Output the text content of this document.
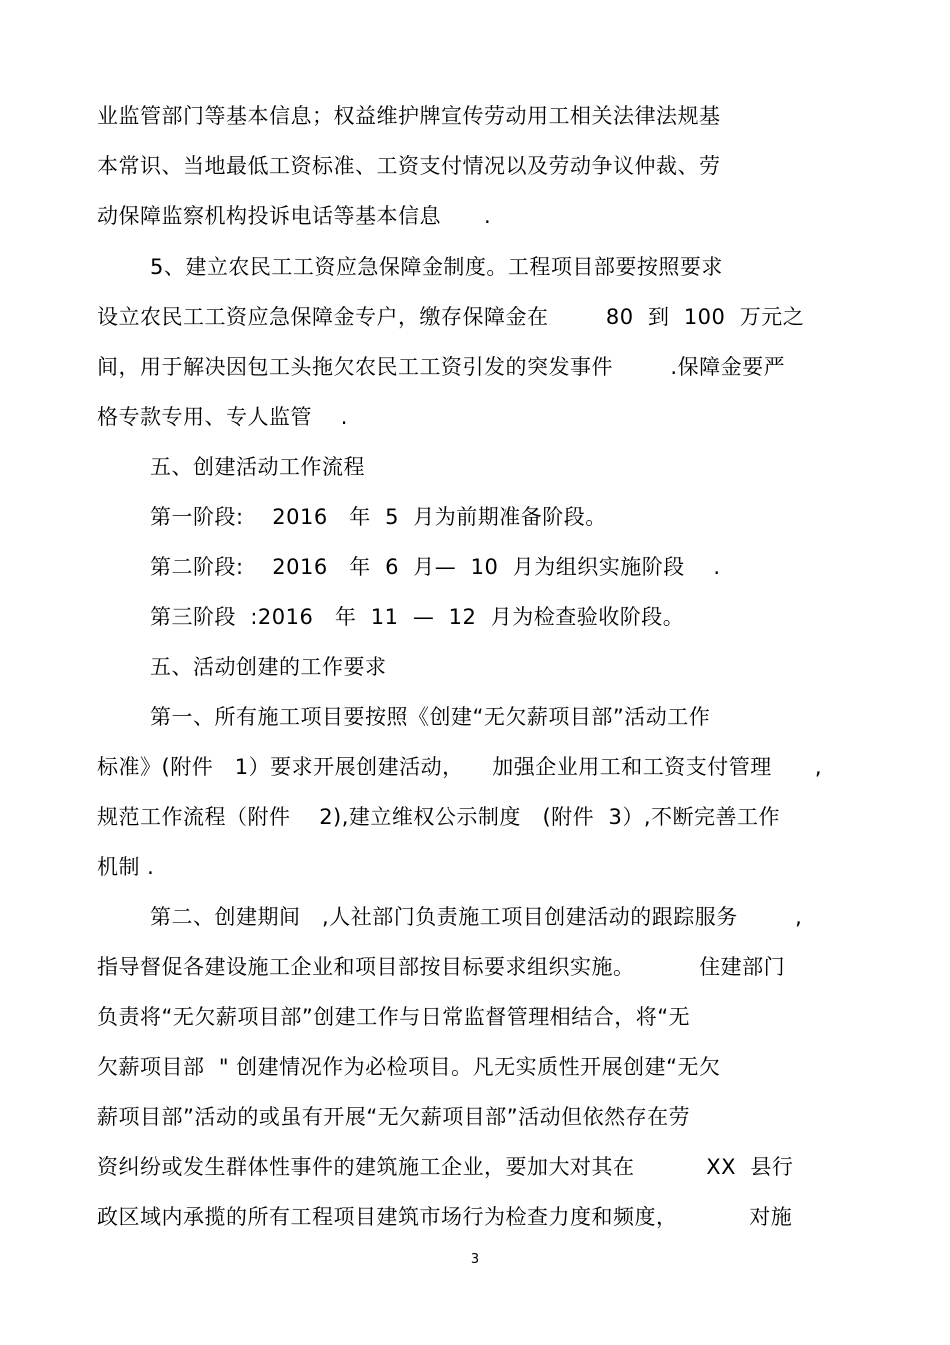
业监管部门等基本信息；权益维护牌宣传劳动用工相关法律法规基
本常识、当地最低工资标准、工资支付情况以及劳动争议仲裁、劳
动保障监察机构投诉电话等基本信息      .
5、建立农民工工资应急保障金制度。工程项目部要按照要求
设立农民工工资应急保障金专户，缴存保障金在        80  到  100  万元之
间，用于解决因包工头拖欠农民工工资引发的突发事件        .保障金要严
格专款专用、专人监管    .
五、创建活动工作流程
第一阶段:    2016   年  5  月为前期准备阶段。
第二阶段:    2016   年  6  月—  10  月为组织实施阶段    .
第三阶段  :2016   年  11  —  12  月为检查验收阶段。
五、活动创建的工作要求
第一、所有施工项目要按照《创建“无欠薪项目部”活动工作
标准》(附件   1）要求开展创建活动，    加强企业用工和工资支付管理      ,
规范工作流程（附件    2),建立维权公示制度   (附件  3）,不断完善工作
机制 .
第二、创建期间   ,人社部门负责施工项目创建活动的跟踪服务        ,
指导督促各建设施工企业和项目部按目标要求组织实施。         住建部门
负责将“无欠薪项目部”创建工作与日常监督管理相结合，将“无
欠薪项目部  " 创建情况作为必检项目。凡无实质性开展创建“无欠
薪项目部”活动的或虽有开展“无欠薪项目部”活动但依然存在劳
资纠纷或发生群体性事件的建筑施工企业，要加大对其在          XX  县行
政区域内承揽的所有工程项目建筑市场行为检查力度和频度，          对施
3
